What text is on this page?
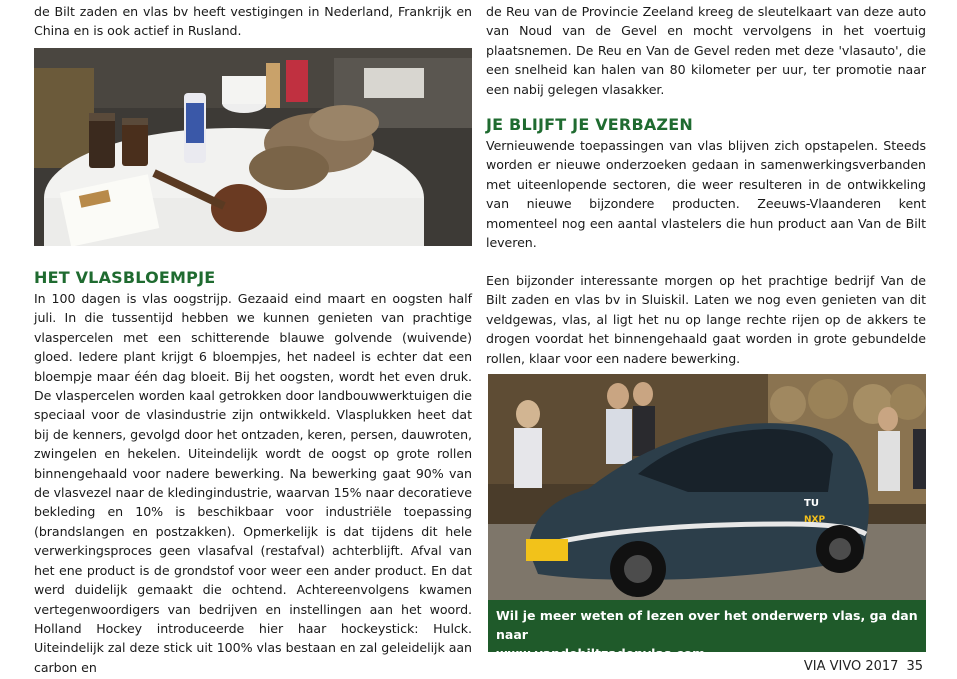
de Bilt zaden en vlas bv heeft vestigingen in Nederland, Frankrijk en China en is ook actief in Rusland.

HET VLASBLOEMPJE

In 100 dagen is vlas oogstrijp. Gezaaid eind maart en oogsten half juli. In die tussentijd hebben we kunnen genieten van prachtige vlaspercelen met een schitterende blauwe golvende (wuivende) gloed. Iedere plant krijgt 6 bloempjes, het nadeel is echter dat een bloempje maar één dag bloeit. Bij het oogsten, wordt het even druk. De vlaspercelen worden kaal getrokken door landbouwwerktuigen die speciaal voor de vlasindustrie zijn ontwikkeld. Vlasplukken heet dat bij de kenners, gevolgd door het ontzaden, keren, persen, dauwroten, zwingelen en hekelen. Uiteindelijk wordt de oogst op grote rollen binnengehaald voor nadere bewerking. Na bewerking gaat 90% van de vlasvezel naar de kledingindustrie, waarvan 15% naar decoratieve bekleding en 10% is beschikbaar voor industriële toepassing (brandslangen en postzakken). Opmerkelijk is dat tijdens dit hele verwerkingsproces geen vlasafval (restafval) achterblijft. Afval van het ene product is de grondstof voor weer een ander product. En dat werd duidelijk gemaakt die ochtend. Achtereenvolgens kwamen vertegenwoordigers van bedrijven en instellingen aan het woord. Holland Hockey introduceerde hier haar hockeystick: Hulck. Uiteindelijk zal deze stick uit 100% vlas bestaan en zal geleidelijk aan carbon en

de Reu van de Provincie Zeeland kreeg de sleutelkaart van deze auto van Noud van de Gevel en mocht vervolgens in het voertuig plaatsnemen. De Reu en Van de Gevel reden met deze 'vlasauto', die een snelheid kan halen van 80 kilometer per uur, ter promotie naar een nabij gelegen vlasakker.

JE BLIJFT JE VERBAZEN

Vernieuwende toepassingen van vlas blijven zich opstapelen. Steeds worden er nieuwe onderzoeken gedaan in samenwerkingsverbanden met uiteenlopende sectoren, die weer resulteren in de ontwikkeling van nieuwe bijzondere producten. Zeeuws-Vlaanderen kent momenteel nog een aantal vlastelers die hun product aan Van de Bilt leveren.

Een bijzonder interessante morgen op het prachtige bedrijf Van de Bilt zaden en vlas bv in Sluiskil. Laten we nog even genieten van dit veldgewas, vlas, al ligt het nu op lange rechte rijen op de akkers te drogen voordat het binnengehaald gaat worden in grote gebundelde rollen, klaar voor een nadere bewerking.

TU
NXP
Wil je meer weten of lezen over het onderwerp vlas, ga dan naar
www.vandebiltzadenvlas.com
VIA VIVO 2017 35
